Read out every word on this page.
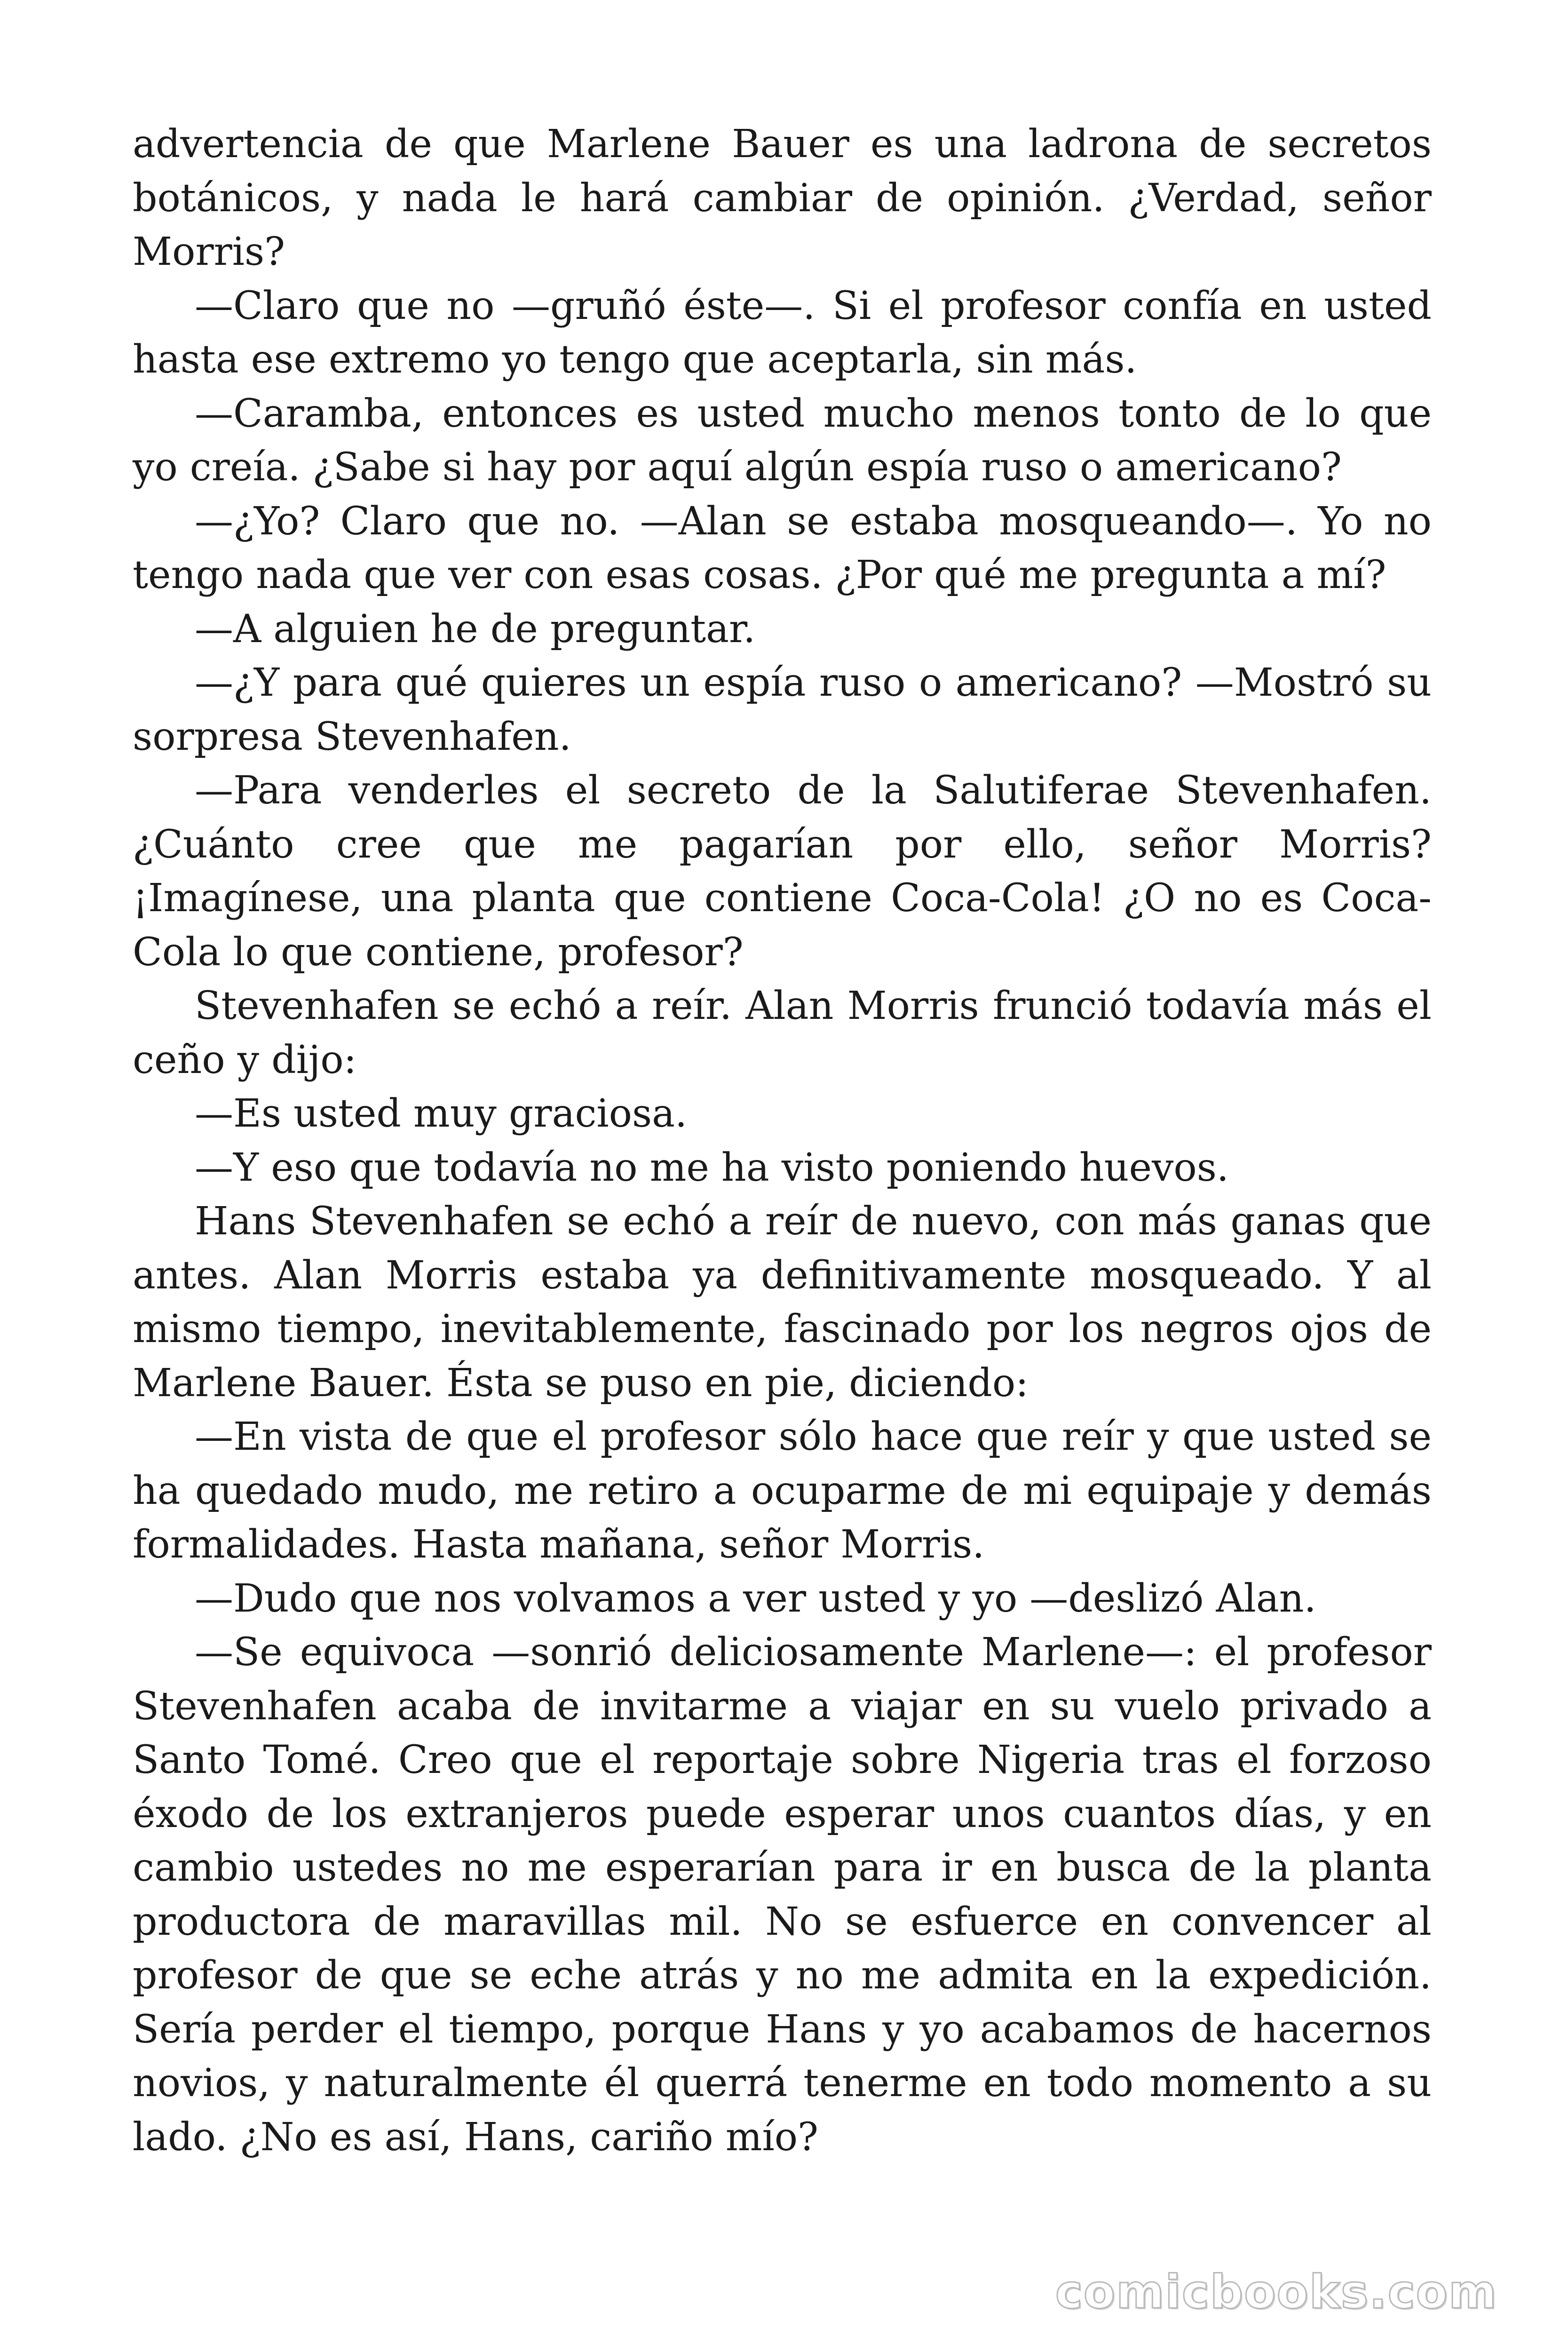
advertencia de que Marlene Bauer es una ladrona de secretos botánicos, y nada le hará cambiar de opinión. ¿Verdad, señor Morris?

—Claro que no —gruñó éste—. Si el profesor confía en usted hasta ese extremo yo tengo que aceptarla, sin más.

—Caramba, entonces es usted mucho menos tonto de lo que yo creía. ¿Sabe si hay por aquí algún espía ruso o americano?

—¿Yo? Claro que no. —Alan se estaba mosqueando—. Yo no tengo nada que ver con esas cosas. ¿Por qué me pregunta a mí?

—A alguien he de preguntar.

—¿Y para qué quieres un espía ruso o americano? —Mostró su sorpresa Stevenhafen.

—Para venderles el secreto de la Salutiferae Stevenhafen. ¿Cuánto cree que me pagarían por ello, señor Morris? ¡Imagínese, una planta que contiene Coca-Cola! ¿O no es Coca-Cola lo que contiene, profesor?

Stevenhafen se echó a reír. Alan Morris frunció todavía más el ceño y dijo:

—Es usted muy graciosa.

—Y eso que todavía no me ha visto poniendo huevos.

Hans Stevenhafen se echó a reír de nuevo, con más ganas que antes. Alan Morris estaba ya definitivamente mosqueado. Y al mismo tiempo, inevitablemente, fascinado por los negros ojos de Marlene Bauer. Ésta se puso en pie, diciendo:

—En vista de que el profesor sólo hace que reír y que usted se ha quedado mudo, me retiro a ocuparme de mi equipaje y demás formalidades. Hasta mañana, señor Morris.

—Dudo que nos volvamos a ver usted y yo —deslizó Alan.

—Se equivoca —sonrió deliciosamente Marlene—: el profesor Stevenhafen acaba de invitarme a viajar en su vuelo privado a Santo Tomé. Creo que el reportaje sobre Nigeria tras el forzoso éxodo de los extranjeros puede esperar unos cuantos días, y en cambio ustedes no me esperarían para ir en busca de la planta productora de maravillas mil. No se esfuerce en convencer al profesor de que se eche atrás y no me admita en la expedición. Sería perder el tiempo, porque Hans y yo acabamos de hacernos novios, y naturalmente él querrá tenerme en todo momento a su lado. ¿No es así, Hans, cariño mío?

comicbooks.com
